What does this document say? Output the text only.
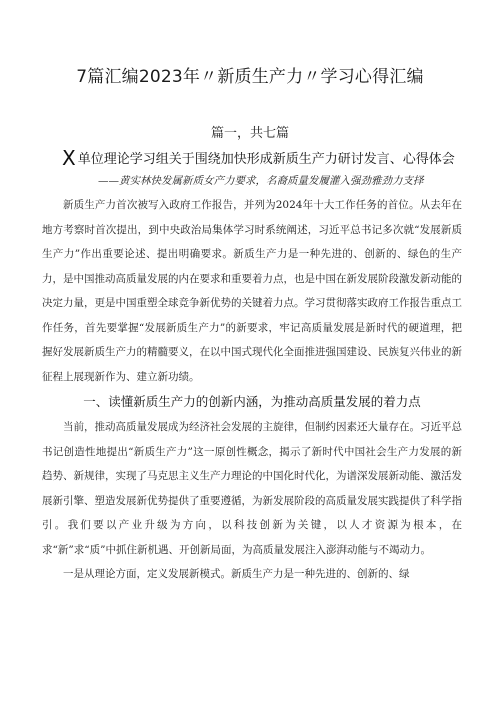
7篇汇编2023年〃新质生产力〃学习心得汇编
篇一，共七篇
X单位理论学习组关于围绕加快形成新质生产力研讨发言、心得体会
——黄实林快发属新质女产力要求，名裔质量发履灌入强劲雅劲力支择

新质生产力首次被写入政府工作报告，并列为2024年十大工作任务的首位。从去年在地方考察时首次提出，到中央政治局集体学习时系统阐述，习近平总书记多次就“发展新质生产力”作出重要论述、提出明确要求。新质生产力是一种先进的、创新的、绿色的生产力，是中国推动高质量发展的内在要求和重要着力点，也是中国在新发展阶段激发新动能的决定力量，更是中国重塑全球竞争新优势的关键着力点。学习贯彻落实政府工作报告重点工作任务，首先要掌握“发展新质生产力”的新要求，牢记高质量发展是新时代的硬道理，把握好发展新质生产力的精髓要义，在以中国式现代化全面推进强国建设、民族复兴伟业的新征程上展现新作为、建立新功绩。

一、读懂新质生产力的创新内涵，为推动高质量发展的着力点

当前，推动高质量发展成为经济社会发展的主旋律，但制约因素还大量存在。习近平总书记创造性地提出“新质生产力”这一原创性概念，揭示了新时代中国社会生产力发展的新趋势、新规律，实现了马克思主义生产力理论的中国化时代化，为谱深发展新动能、激活发展新引擎、塑造发展新优势提供了重要遵循，为新发展阶段的高质量发展实践提供了科学指引。我们要以产业升级为方向，以科技创新为关键，以人才资源为根本，在求“新”求“质”中抓住新机遇、开创新局面，为高质量发展注入澎湃动能与不竭动力。

一是从理论方面，定义发展新模式。新质生产力是一种先进的、创新的、绿
